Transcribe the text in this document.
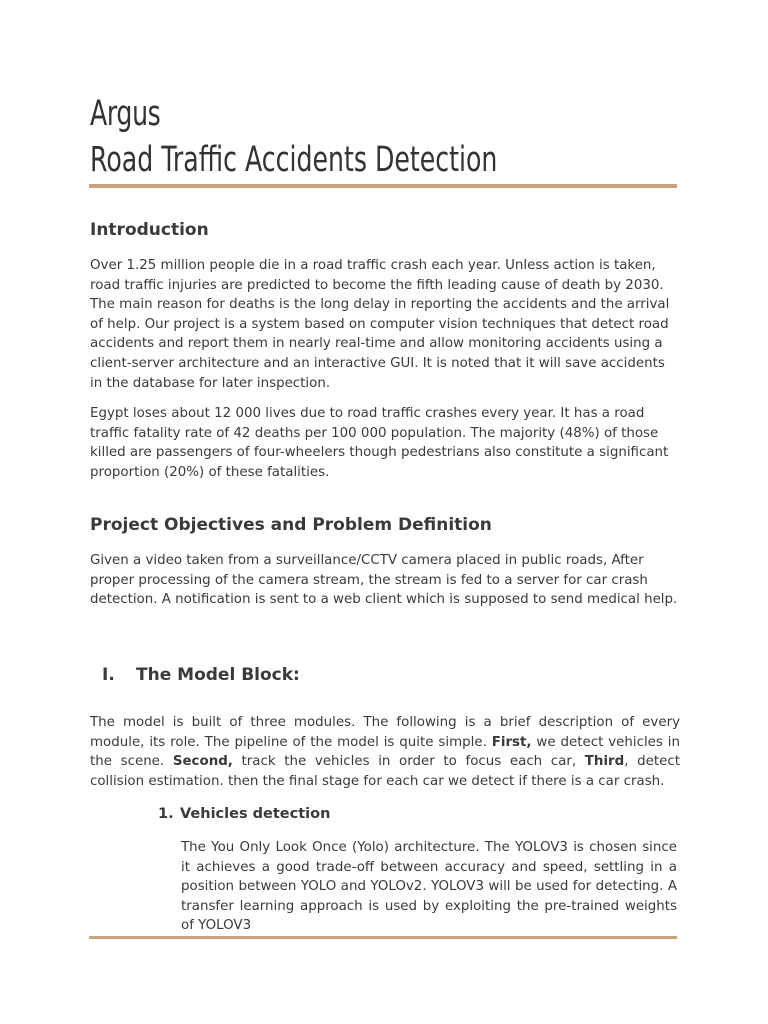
Argus
Road Traffic Accidents Detection
Introduction

Over 1.25 million people die in a road traffic crash each year. Unless action is taken, road traffic injuries are predicted to become the fifth leading cause of death by 2030. The main reason for deaths is the long delay in reporting the accidents and the arrival of help. Our project is a system based on computer vision techniques that detect road accidents and report them in nearly real-time and allow monitoring accidents using a client-server architecture and an interactive GUI. It is noted that it will save accidents in the database for later inspection.

Egypt loses about 12 000 lives due to road traffic crashes every year. It has a road traffic fatality rate of 42 deaths per 100 000 population. The majority (48%) of those killed are passengers of four-wheelers though pedestrians also constitute a significant proportion (20%) of these fatalities.

Project Objectives and Problem Definition

Given a video taken from a surveillance/CCTV camera placed in public roads, After proper processing of the camera stream, the stream is fed to a server for car crash detection. A notification is sent to a web client which is supposed to send medical help.

I. The Model Block:

The model is built of three modules. The following is a brief description of every module, its role. The pipeline of the model is quite simple. First, we detect vehicles in the scene. Second, track the vehicles in order to focus each car, Third, detect collision estimation. then the final stage for each car we detect if there is a car crash.

1. Vehicles detection

The You Only Look Once (Yolo) architecture. The YOLOV3 is chosen since it achieves a good trade-off between accuracy and speed, settling in a position between YOLO and YOLOv2. YOLOV3 will be used for detecting. A transfer learning approach is used by exploiting the pre-trained weights of YOLOV3
